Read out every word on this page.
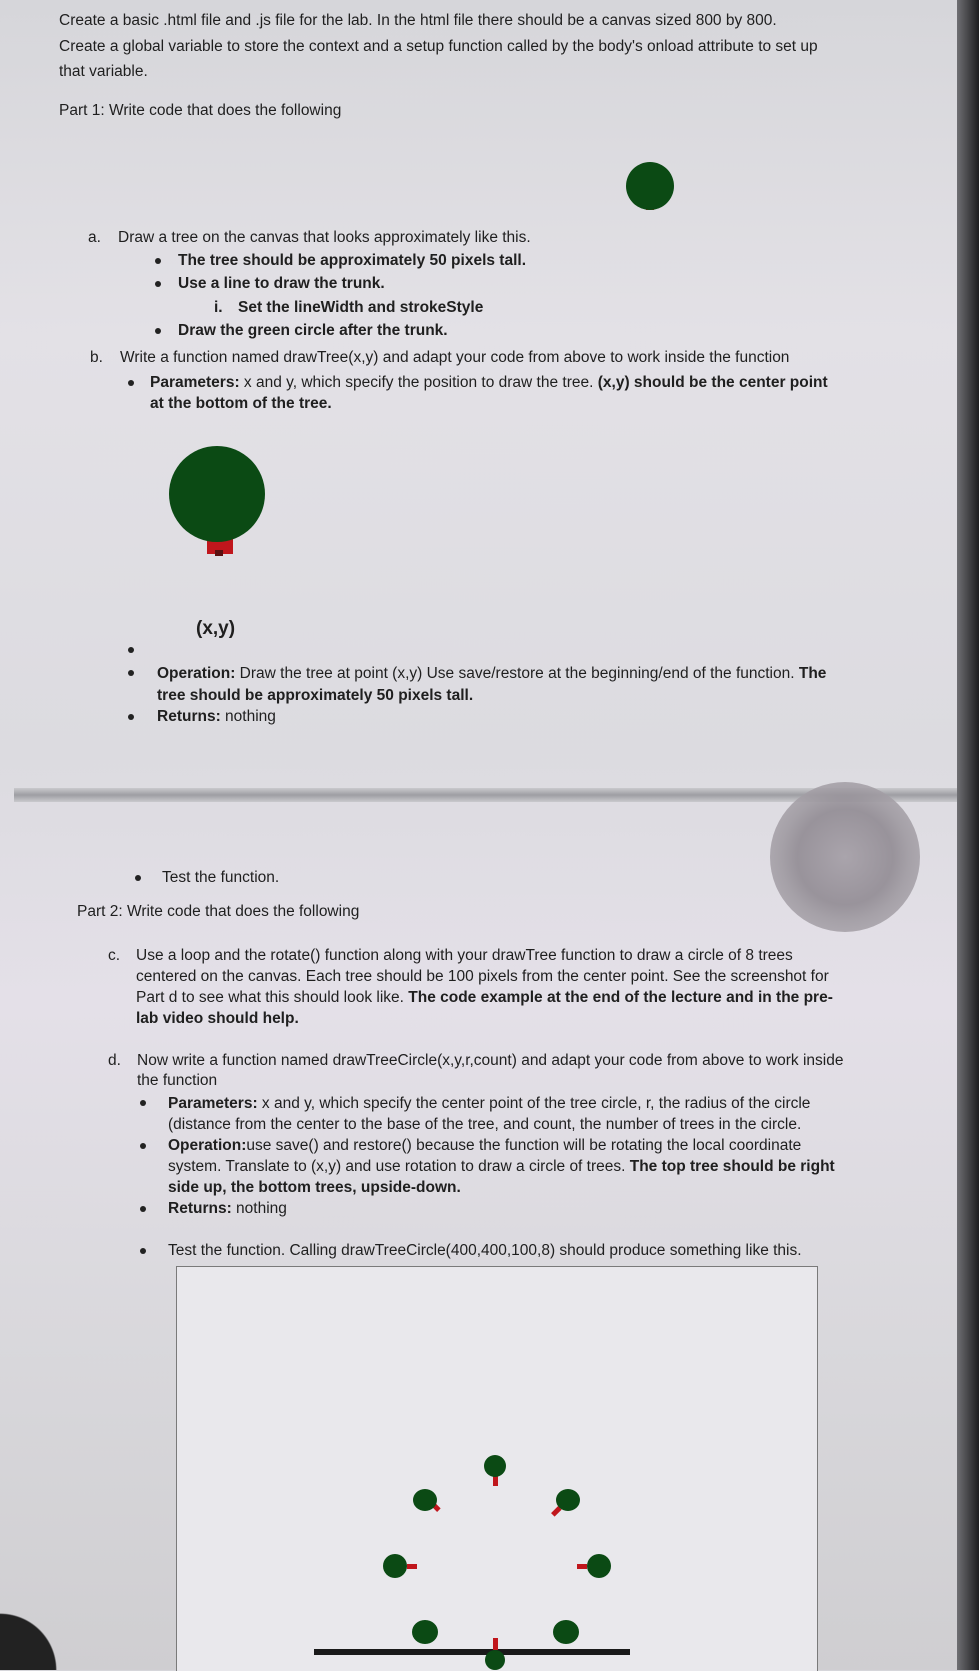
Create a basic .html file and .js file for the lab. In the html file there should be a canvas sized 800 by 800.
Create a global variable to store the context and a setup function called by the body's onload attribute to set up
that variable.
Part 1: Write code that does the following
a. Draw a tree on the canvas that looks approximately like this.
The tree should be approximately 50 pixels tall.
Use a line to draw the trunk.
i. Set the lineWidth and strokeStyle
Draw the green circle after the trunk.
b. Write a function named drawTree(x,y) and adapt your code from above to work inside the function
Parameters: x and y, which specify the position to draw the tree. (x,y) should be the center point
at the bottom of the tree.
(x,y)
Operation: Draw the tree at point (x,y) Use save/restore at the beginning/end of the function. The
tree should be approximately 50 pixels tall.
Returns: nothing
Test the function.
Part 2: Write code that does the following
c. Use a loop and the rotate() function along with your drawTree function to draw a circle of 8 trees
centered on the canvas. Each tree should be 100 pixels from the center point. See the screenshot for
Part d to see what this should look like. The code example at the end of the lecture and in the pre-
lab video should help.
d. Now write a function named drawTreeCircle(x,y,r,count) and adapt your code from above to work inside
the function
Parameters: x and y, which specify the center point of the tree circle, r, the radius of the circle
(distance from the center to the base of the tree, and count, the number of trees in the circle.
Operation:use save() and restore() because the function will be rotating the local coordinate
system. Translate to (x,y) and use rotation to draw a circle of trees. The top tree should be right
side up, the bottom trees, upside-down.
Returns: nothing
Test the function. Calling drawTreeCircle(400,400,100,8) should produce something like this.
